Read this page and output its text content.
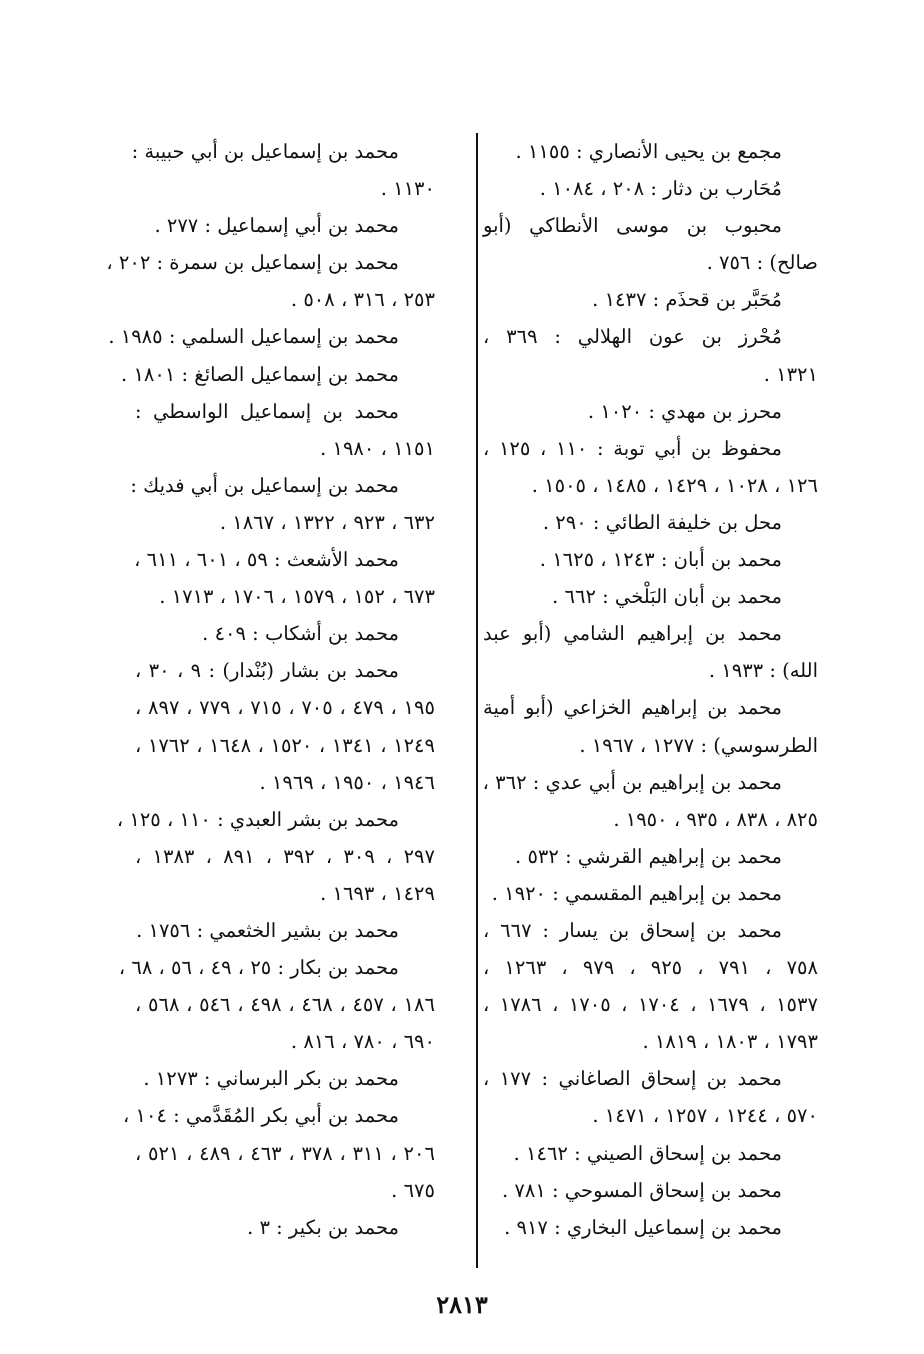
مجمع بن يحيى الأنصاري : ١١٥٥ .
مُحَارب بن دثار : ٢٠٨ ، ١٠٨٤ .
محبوب بن موسى الأنطاكي (أبو
صالح) : ٧٥٦ .
مُحَبَّر بن قحذَم : ١٤٣٧ .
مُحْرز بن عون الهلالي : ٣٦٩ ،
١٣٢١ .
محرز بن مهدي : ١٠٢٠ .
محفوظ بن أبي توبة : ١١٠ ، ١٢٥ ،
١٢٦ ، ١٠٢٨ ، ١٤٢٩ ، ١٤٨٥ ، ١٥٠٥ .
محل بن خليفة الطائي : ٢٩٠ .
محمد بن أبان : ١٢٤٣ ، ١٦٢٥ .
محمد بن أبان البَلْخي : ٦٦٢ .
محمد بن إبراهيم الشامي (أبو عبد
الله) : ١٩٣٣ .
محمد بن إبراهيم الخزاعي (أبو أمية
الطرسوسي) : ١٢٧٧ ، ١٩٦٧ .
محمد بن إبراهيم بن أبي عدي : ٣٦٢ ،
٨٢٥ ، ٨٣٨ ، ٩٣٥ ، ١٩٥٠ .
محمد بن إبراهيم القرشي : ٥٣٢ .
محمد بن إبراهيم المقسمي : ١٩٢٠ .
محمد بن إسحاق بن يسار : ٦٦٧ ،
٧٥٨ ، ٧٩١ ، ٩٢٥ ، ٩٧٩ ، ١٢٦٣ ،
١٥٣٧ ، ١٦٧٩ ، ١٧٠٤ ، ١٧٠٥ ، ١٧٨٦ ،
١٧٩٣ ، ١٨٠٣ ، ١٨١٩ .
محمد بن إسحاق الصاغاني : ١٧٧ ،
٥٧٠ ، ١٢٤٤ ، ١٢٥٧ ، ١٤٧١ .
محمد بن إسحاق الصيني : ١٤٦٢ .
محمد بن إسحاق المسوحي : ٧٨١ .
محمد بن إسماعيل البخاري : ٩١٧ .
محمد بن إسماعيل بن أبي حبيبة :
١١٣٠ .
محمد بن أبي إسماعيل : ٢٧٧ .
محمد بن إسماعيل بن سمرة : ٢٠٢ ،
٢٥٣ ، ٣١٦ ، ٥٠٨ .
محمد بن إسماعيل السلمي : ١٩٨٥ .
محمد بن إسماعيل الصائغ : ١٨٠١ .
محمد بن إسماعيل الواسطي :
١١٥١ ، ١٩٨٠ .
محمد بن إسماعيل بن أبي فديك :
٦٣٢ ، ٩٢٣ ، ١٣٢٢ ، ١٨٦٧ .
محمد الأشعث : ٥٩ ، ٦٠١ ، ٦١١ ،
٦٧٣ ، ١٥٢ ، ١٥٧٩ ، ١٧٠٦ ، ١٧١٣ .
محمد بن أشكاب : ٤٠٩ .
محمد بن بشار (بُنْدار) : ٩ ، ٣٠ ،
١٩٥ ، ٤٧٩ ، ٧٠٥ ، ٧١٥ ، ٧٧٩ ، ٨٩٧ ،
١٢٤٩ ، ١٣٤١ ، ١٥٢٠ ، ١٦٤٨ ، ١٧٦٢ ،
١٩٤٦ ، ١٩٥٠ ، ١٩٦٩ .
محمد بن بشر العبدي : ١١٠ ، ١٢٥ ،
٢٩٧ ، ٣٠٩ ، ٣٩٢ ، ٨٩١ ، ١٣٨٣ ،
١٤٢٩ ، ١٦٩٣ .
محمد بن بشير الخثعمي : ١٧٥٦ .
محمد بن بكار : ٢٥ ، ٤٩ ، ٥٦ ، ٦٨ ،
١٨٦ ، ٤٥٧ ، ٤٦٨ ، ٤٩٨ ، ٥٤٦ ، ٥٦٨ ،
٦٩٠ ، ٧٨٠ ، ٨١٦ .
محمد بن بكر البرساني : ١٢٧٣ .
محمد بن أبي بكر المُقَدَّمي : ١٠٤ ،
٢٠٦ ، ٣١١ ، ٣٧٨ ، ٤٦٣ ، ٤٨٩ ، ٥٢١ ،
٦٧٥ .
محمد بن بكير : ٣ .
٢٨١٣
